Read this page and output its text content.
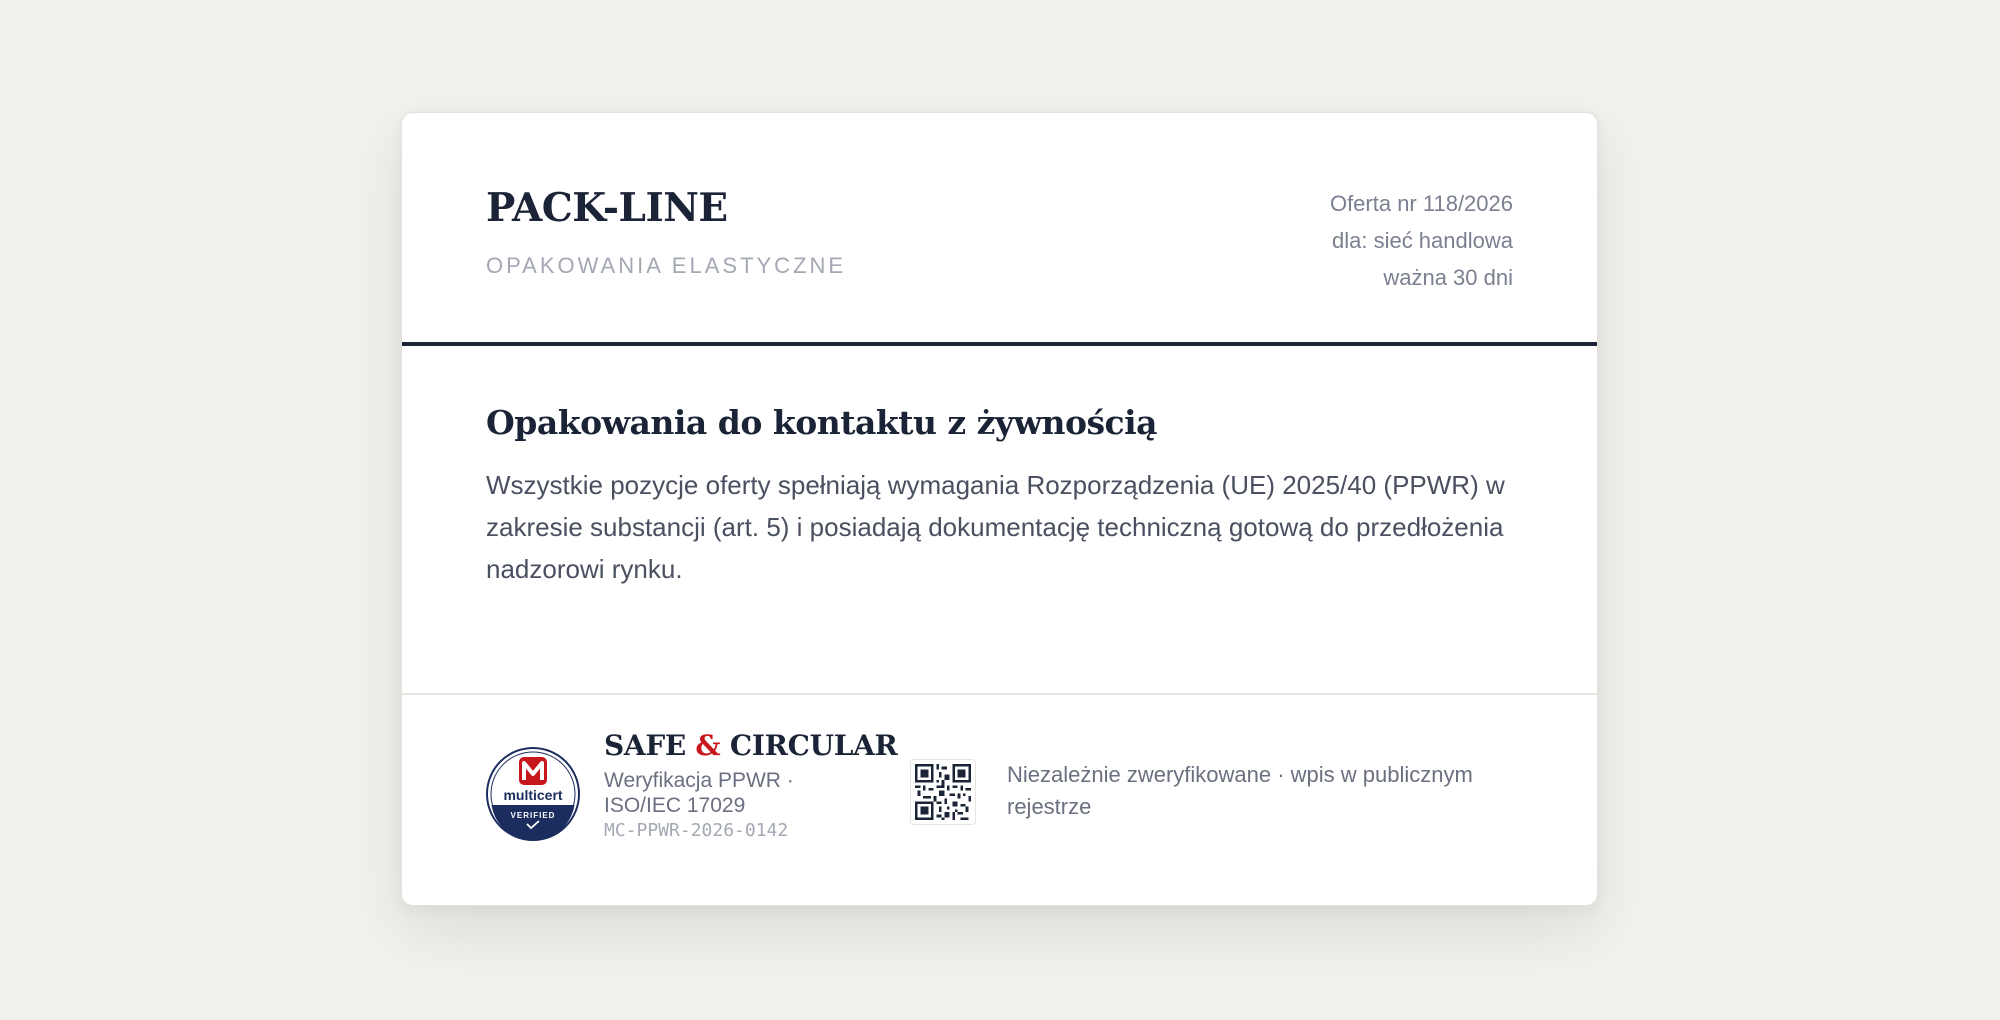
PACK-LINE
OPAKOWANIA ELASTYCZNE
Oferta nr 118/2026
dla: sieć handlowa
ważna 30 dni
Opakowania do kontaktu z żywnością

Wszystkie pozycje oferty spełniają wymagania Rozporządzenia (UE) 2025/40 (PPWR) w zakresie substancji (art. 5) i posiadają dokumentację techniczną gotową do przedłożenia nadzorowi rynku.

multicert
VERIFIED
SAFE & CIRCULAR
Weryfikacja PPWR · ISO/IEC 17029
MC-PPWR-2026-0142
Niezależnie zweryfikowane · wpis w publicznym rejestrze
